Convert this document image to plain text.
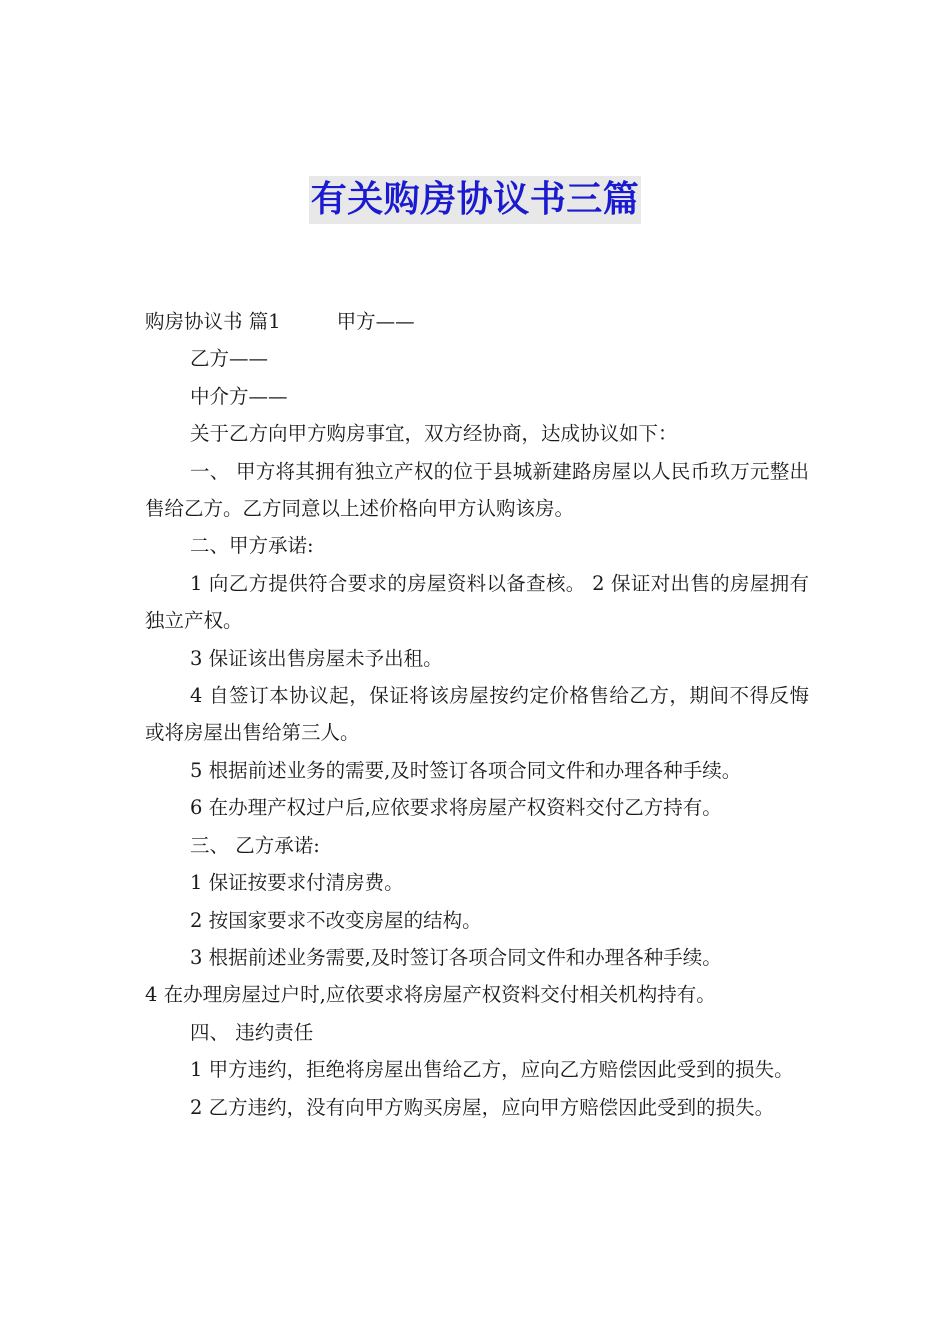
有关购房协议书三篇

购房协议书 篇1	甲方——

乙方——

中介方——

关于乙方向甲方购房事宜，双方经协商，达成协议如下：

一、 甲方将其拥有独立产权的位于县城新建路房屋以人民币玖万元整出售给乙方。乙方同意以上述价格向甲方认购该房。

二、甲方承诺:

1 向乙方提供符合要求的房屋资料以备查核。 2 保证对出售的房屋拥有独立产权。

3 保证该出售房屋未予出租。

4 自签订本协议起，保证将该房屋按约定价格售给乙方，期间不得反悔或将房屋出售给第三人。

5 根据前述业务的需要,及时签订各项合同文件和办理各种手续。

6 在办理产权过户后,应依要求将房屋产权资料交付乙方持有。

三、 乙方承诺:

1 保证按要求付清房费。

2 按国家要求不改变房屋的结构。

3 根据前述业务需要,及时签订各项合同文件和办理各种手续。

4 在办理房屋过户时,应依要求将房屋产权资料交付相关机构持有。

四、 违约责任

1 甲方违约，拒绝将房屋出售给乙方，应向乙方赔偿因此受到的损失。

2 乙方违约，没有向甲方购买房屋，应向甲方赔偿因此受到的损失。
